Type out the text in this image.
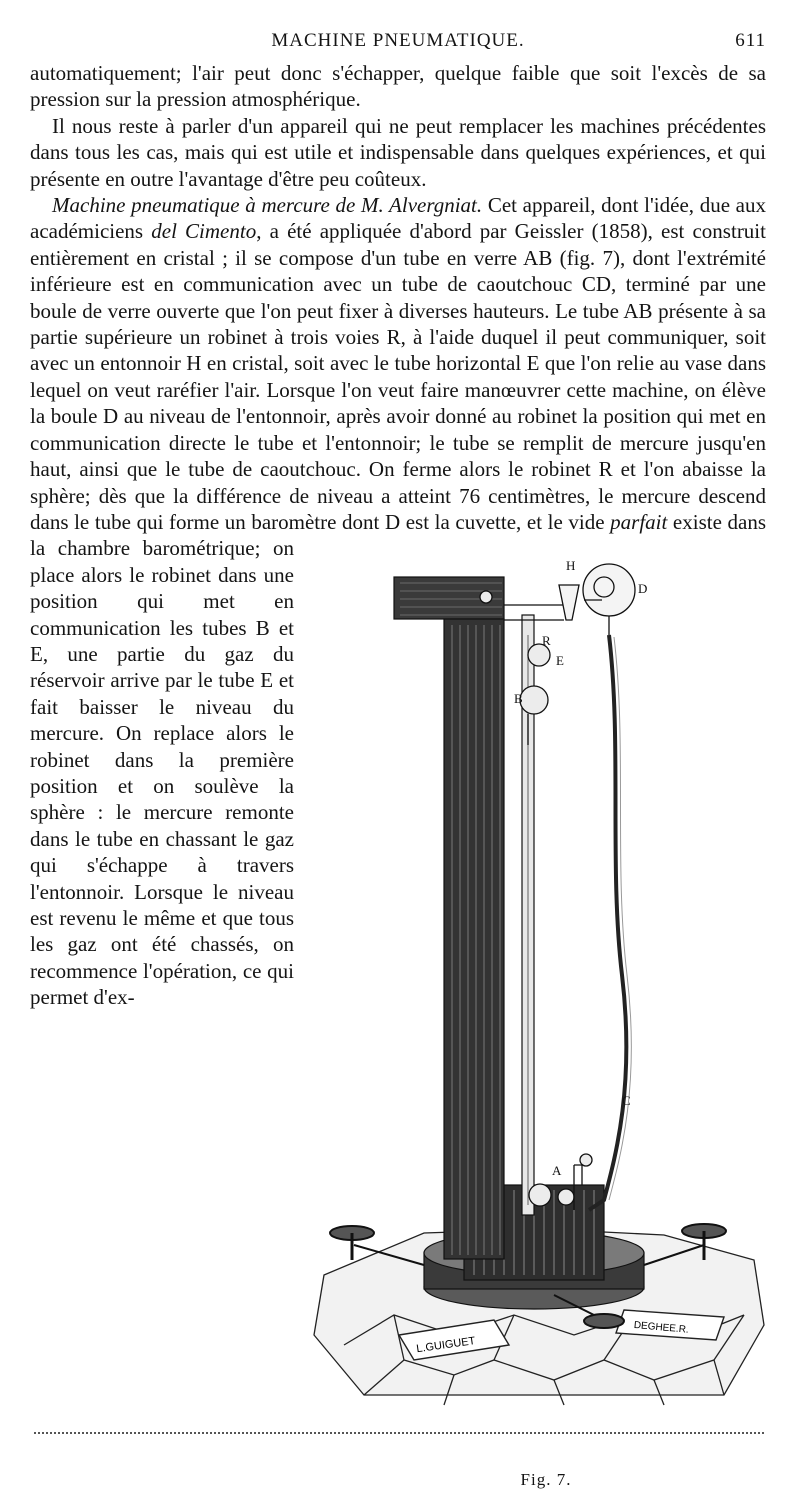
MACHINE PNEUMATIQUE.	611

automatiquement; l'air peut donc s'échapper, quelque faible que soit l'excès de sa pression sur la pression atmosphérique.

Il nous reste à parler d'un appareil qui ne peut remplacer les machines précédentes dans tous les cas, mais qui est utile et indispensable dans quelques expériences, et qui présente en outre l'avantage d'être peu coûteux.

Machine pneumatique à mercure de M. Alvergniat. Cet appareil, dont l'idée, due aux académiciens del Cimento, a été appliquée d'abord par Geissler (1858), est construit entièrement en cristal ; il se compose d'un tube en verre AB (fig. 7), dont l'extrémité inférieure est en communication avec un tube de caoutchouc CD, terminé par une boule de verre ouverte que l'on peut fixer à diverses hauteurs. Le tube AB présente à sa partie supérieure un robinet à trois voies R, à l'aide duquel il peut communiquer, soit avec un entonnoir H en cristal, soit avec le tube horizontal E que l'on relie au vase dans lequel on veut raréfier l'air. Lorsque l'on veut faire manœuvrer cette machine, on élève la boule D au niveau de l'entonnoir, après avoir donné au robinet la position qui met en communication directe le tube et l'entonnoir; le tube se remplit de mercure jusqu'en haut, ainsi que le tube de caoutchouc. On ferme alors le robinet R et l'on abaisse la sphère; dès que la différence de niveau a atteint 76 centimètres, le mercure descend dans le tube qui forme un baromètre dont D est la cuvette, et le vide
L.GUIGUET
DEGHEE.R.
H
D
B
C
A
R
E
Fig. 7.
parfait existe dans la chambre barométrique; on place alors le robinet dans une position qui met en communication les tubes B et E, une partie du gaz du réservoir arrive par le tube E et fait baisser le niveau du mercure. On replace alors le robinet dans la première position et on soulève la sphère : le mercure remonte dans le tube en chassant le gaz qui s'échappe à travers l'entonnoir. Lorsque le niveau est revenu le même et que tous les gaz ont été chassés, on recommence l'opération, ce qui permet d'ex-
